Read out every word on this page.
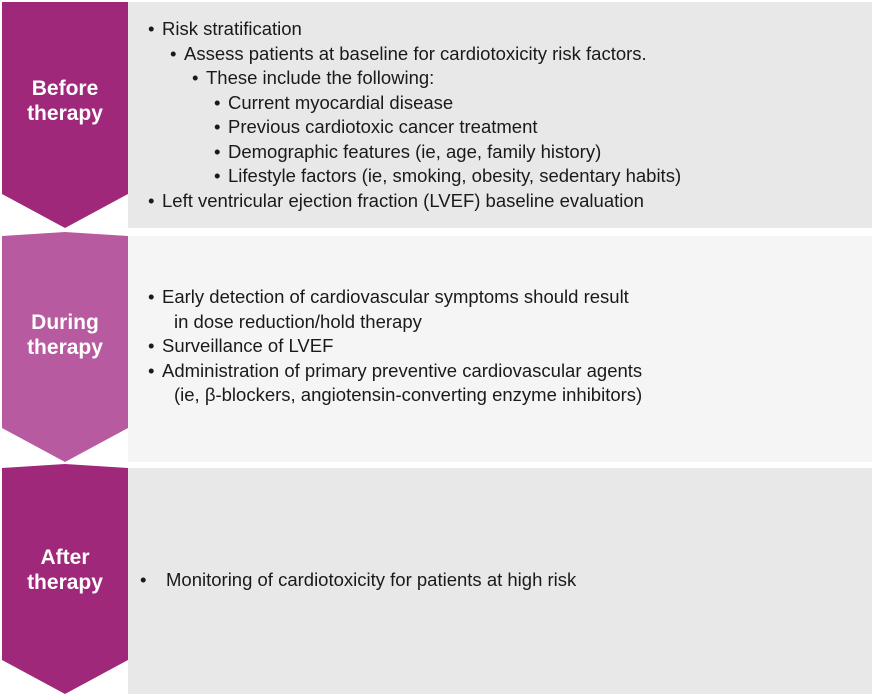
Before
therapy
During
therapy
After
therapy
• Risk stratification
• Assess patients at baseline for cardiotoxicity risk factors.
• These include the following:
• Current myocardial disease
• Previous cardiotoxic cancer treatment
• Demographic features (ie, age, family history)
• Lifestyle factors (ie, smoking, obesity, sedentary habits)
• Left ventricular ejection fraction (LVEF) baseline evaluation
• Early detection of cardiovascular symptoms should result
in dose reduction/hold therapy
• Surveillance of LVEF
• Administration of primary preventive cardiovascular agents
(ie, β-blockers, angiotensin-converting enzyme inhibitors)
• Monitoring of cardiotoxicity for patients at high risk
